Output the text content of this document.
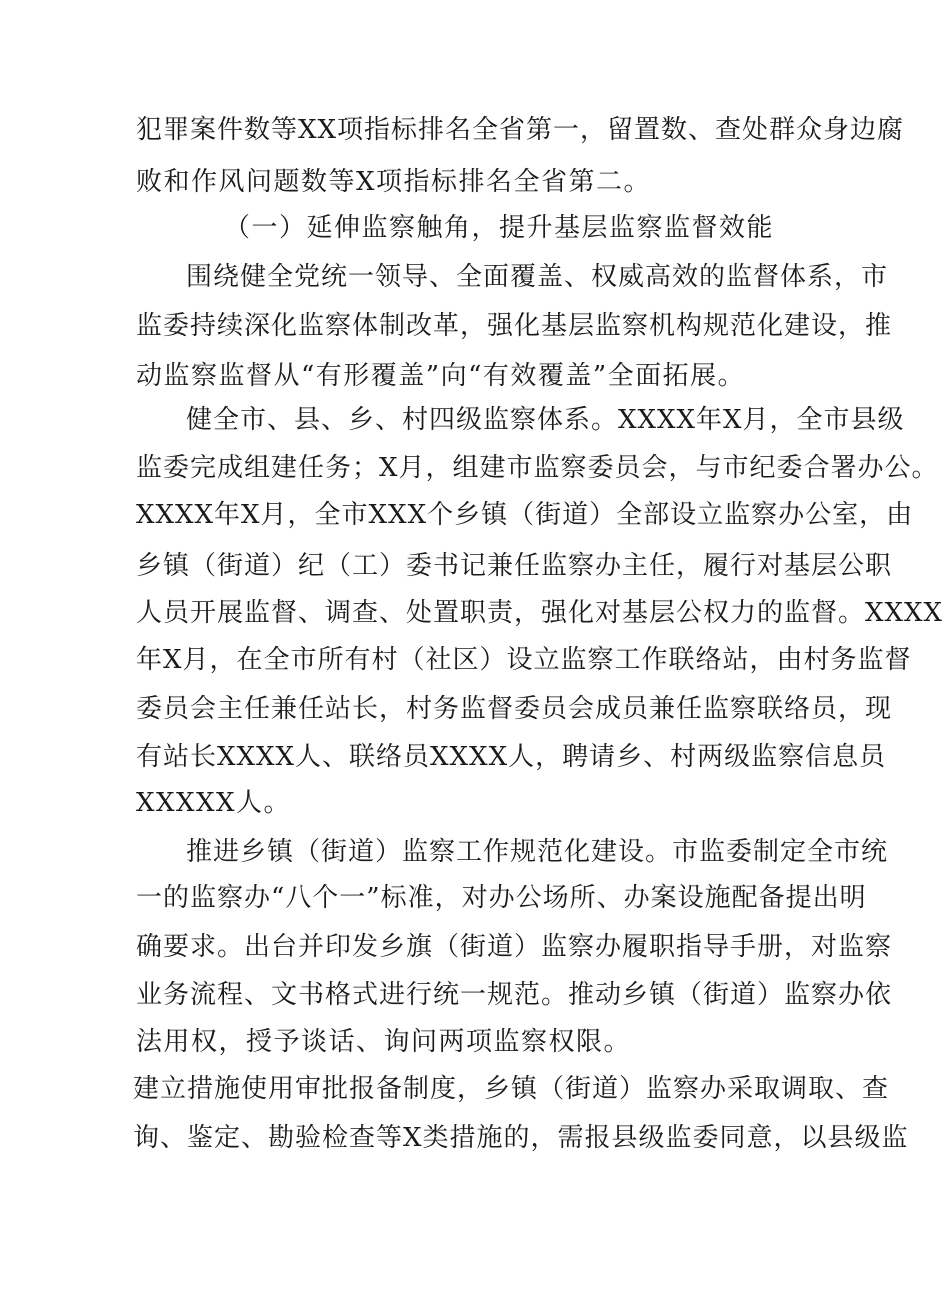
犯罪案件数等XX项指标排名全省第一，留置数、查处群众身边腐
败和作风问题数等X项指标排名全省第二。
（一）延伸监察触角，提升基层监察监督效能
围绕健全党统一领导、全面覆盖、权威高效的监督体系，市
监委持续深化监察体制改革，强化基层监察机构规范化建设，推
动监察监督从“有形覆盖”向“有效覆盖”全面拓展。
健全市、县、乡、村四级监察体系。XXXX年X月，全市县级
监委完成组建任务；X月，组建市监察委员会，与市纪委合署办公。
XXXX年X月，全市XXX个乡镇（街道）全部设立监察办公室，由
乡镇（街道）纪（工）委书记兼任监察办主任，履行对基层公职
人员开展监督、调查、处置职责，强化对基层公权力的监督。XXXX
年X月，在全市所有村（社区）设立监察工作联络站，由村务监督
委员会主任兼任站长，村务监督委员会成员兼任监察联络员，现
有站长XXXX人、联络员XXXX人，聘请乡、村两级监察信息员
XXXXX人。
推进乡镇（街道）监察工作规范化建设。市监委制定全市统
一的监察办“八个一”标准，对办公场所、办案设施配备提出明
确要求。出台并印发乡旗（街道）监察办履职指导手册，对监察
业务流程、文书格式进行统一规范。推动乡镇（街道）监察办依
法用权，授予谈话、询问两项监察权限。
建立措施使用审批报备制度，乡镇（街道）监察办采取调取、查
询、鉴定、勘验检查等X类措施的，需报县级监委同意，以县级监
